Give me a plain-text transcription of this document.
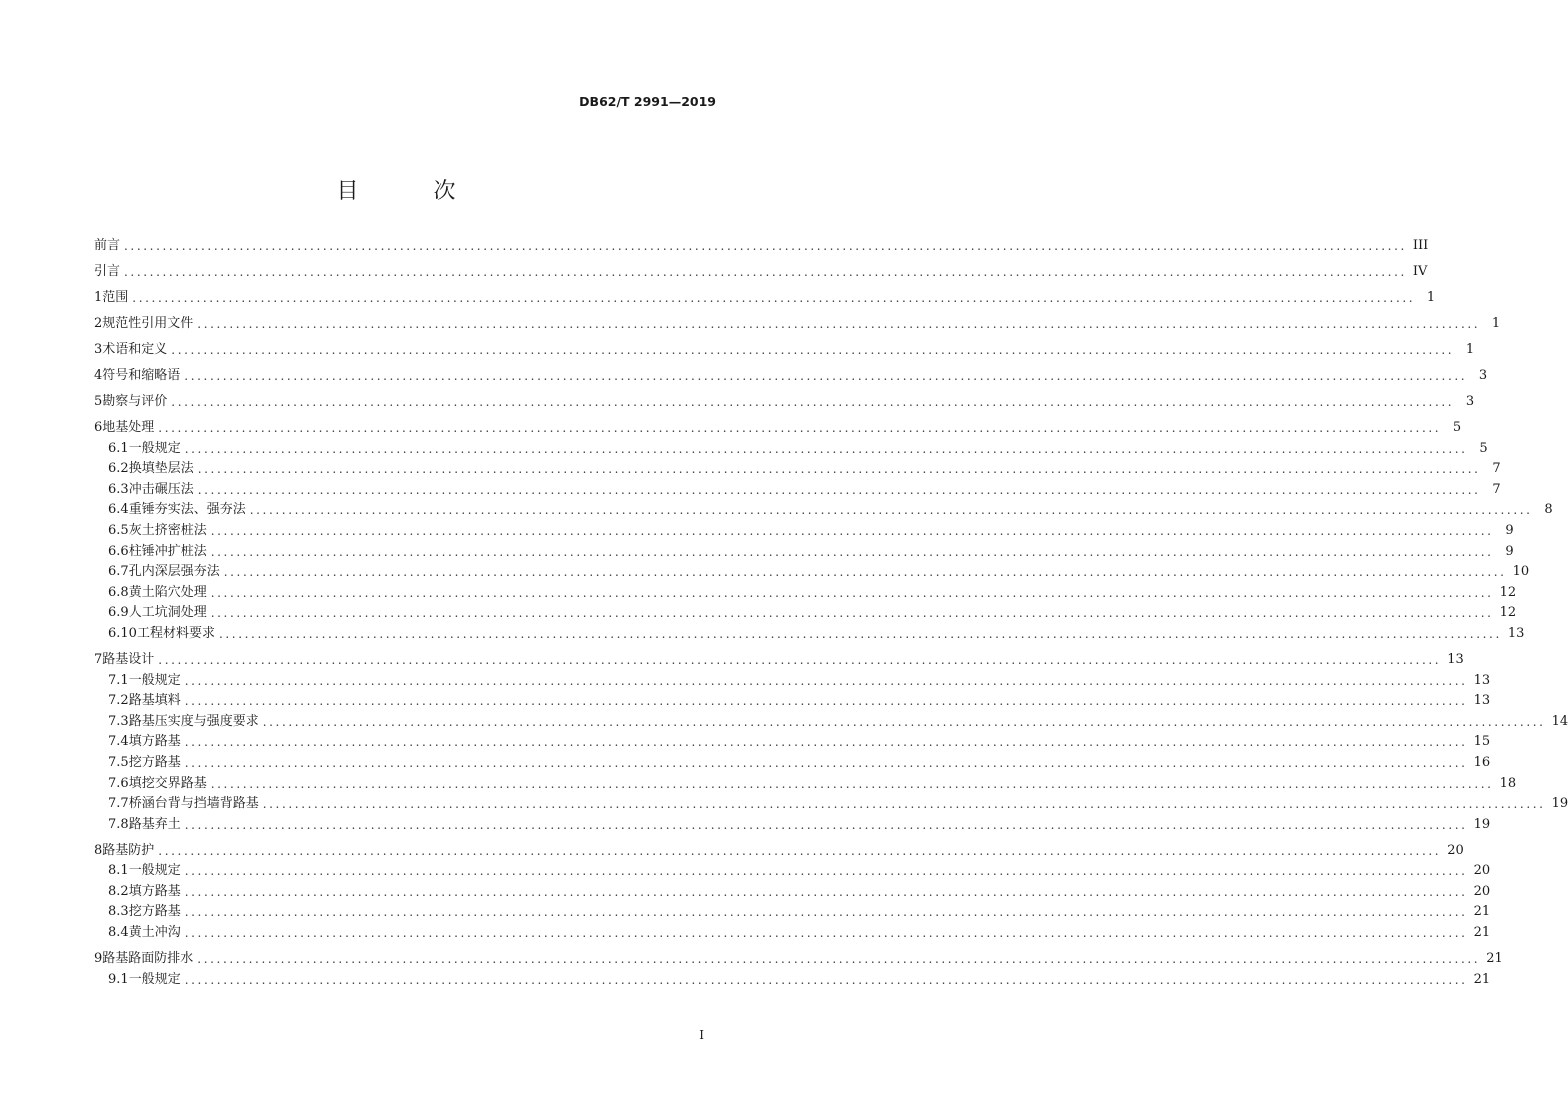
DB62/T 2991—2019
目 次
前言 ........................................................................................................................................................................................................ III
引言 ........................................................................................................................................................................................................ IV
1 范围 ........................................................................................................................................................................................................ 1
2 规范性引用文件 ........................................................................................................................................................................................................ 1
3 术语和定义 ........................................................................................................................................................................................................ 1
4 符号和缩略语 ........................................................................................................................................................................................................ 3
5 勘察与评价 ........................................................................................................................................................................................................ 3
6 地基处理 ........................................................................................................................................................................................................ 5
6.1 一般规定 ........................................................................................................................................................................................................ 5
6.2 换填垫层法 ........................................................................................................................................................................................................ 7
6.3 冲击碾压法 ........................................................................................................................................................................................................ 7
6.4 重锤夯实法、强夯法 ........................................................................................................................................................................................................ 8
6.5 灰土挤密桩法 ........................................................................................................................................................................................................ 9
6.6 柱锤冲扩桩法 ........................................................................................................................................................................................................ 9
6.7 孔内深层强夯法 ........................................................................................................................................................................................................ 10
6.8 黄土陷穴处理 ........................................................................................................................................................................................................ 12
6.9 人工坑洞处理 ........................................................................................................................................................................................................ 12
6.10 工程材料要求 ........................................................................................................................................................................................................ 13
7 路基设计 ........................................................................................................................................................................................................ 13
7.1 一般规定 ........................................................................................................................................................................................................ 13
7.2 路基填料 ........................................................................................................................................................................................................ 13
7.3 路基压实度与强度要求 ........................................................................................................................................................................................................ 14
7.4 填方路基 ........................................................................................................................................................................................................ 15
7.5 挖方路基 ........................................................................................................................................................................................................ 16
7.6 填挖交界路基 ........................................................................................................................................................................................................ 18
7.7 桥涵台背与挡墙背路基 ........................................................................................................................................................................................................ 19
7.8 路基弃土 ........................................................................................................................................................................................................ 19
8 路基防护 ........................................................................................................................................................................................................ 20
8.1 一般规定 ........................................................................................................................................................................................................ 20
8.2 填方路基 ........................................................................................................................................................................................................ 20
8.3 挖方路基 ........................................................................................................................................................................................................ 21
8.4 黄土冲沟 ........................................................................................................................................................................................................ 21
9 路基路面防排水 ........................................................................................................................................................................................................ 21
9.1 一般规定 ........................................................................................................................................................................................................ 21
I
